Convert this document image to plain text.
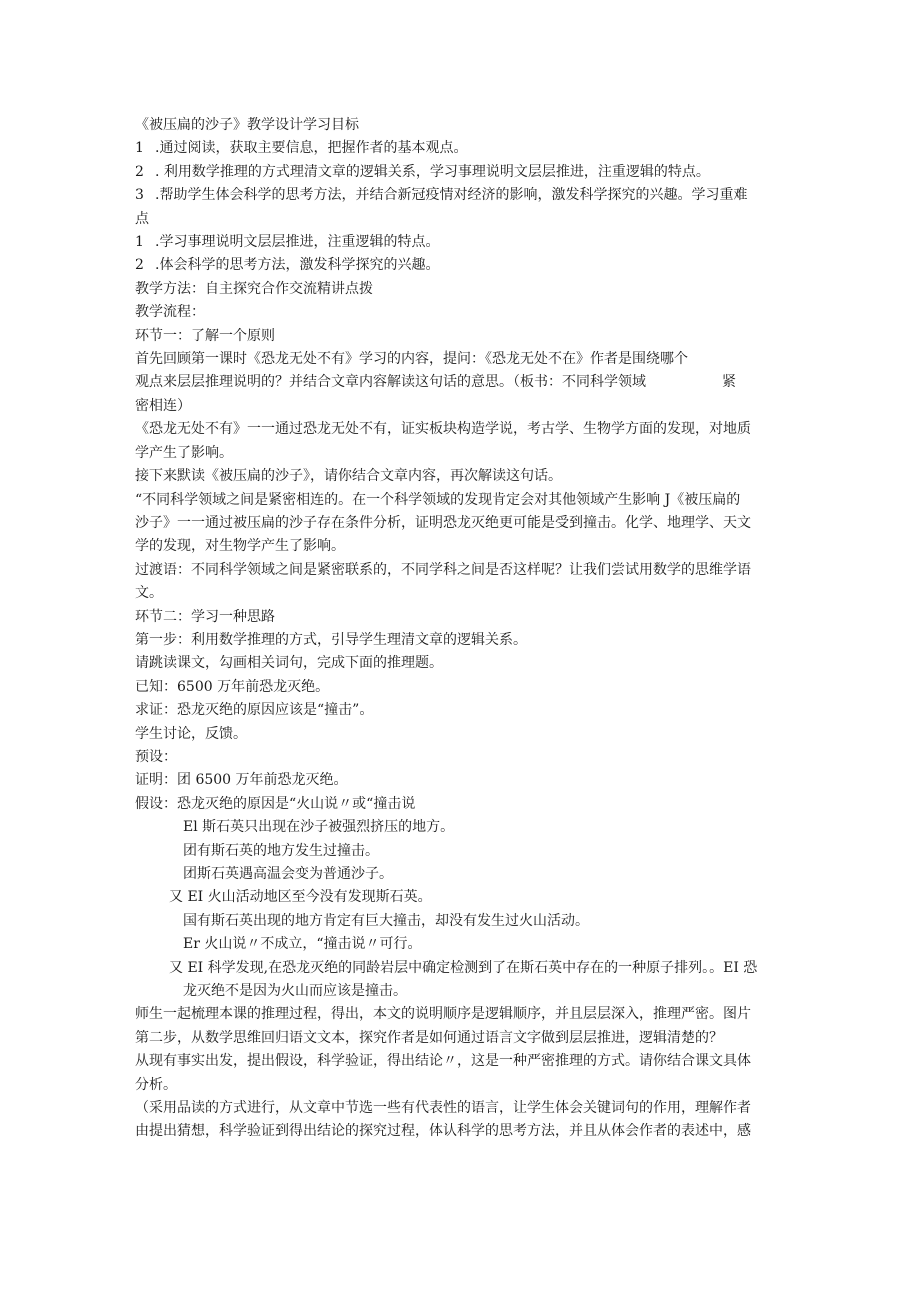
《被压扁的沙子》教学设计学习目标

1 .通过阅读，获取主要信息，把握作者的基本观点。

2 . 利用数学推理的方式理清文章的逻辑关系，学习事理说明文层层推进，注重逻辑的特点。

3 .帮助学生体会科学的思考方法，并结合新冠疫情对经济的影响，激发科学探究的兴趣。学习重难

点

1 .学习事理说明文层层推进，注重逻辑的特点。

2 .体会科学的思考方法，激发科学探究的兴趣。

教学方法：自主探究合作交流精讲点拨

教学流程：

环节一：了解一个原则

首先回顾第一课时《恐龙无处不有》学习的内容，提问：《恐龙无处不在》作者是围绕哪个

观点来层层推理说明的？并结合文章内容解读这句话的意思。（板书：不同科学领域	紧

密相连）

《恐龙无处不有》一一通过恐龙无处不有，证实板块构造学说，考古学、生物学方面的发现，对地质

学产生了影响。

接下来默读《被压扁的沙子》，请你结合文章内容，再次解读这句话。

“不同科学领域之间是紧密相连的。在一个科学领域的发现肯定会对其他领域产生影响 J《被压扁的

沙子》一一通过被压扁的沙子存在条件分析，证明恐龙灭绝更可能是受到撞击。化学、地理学、天文

学的发现，对生物学产生了影响。

过渡语：不同科学领域之间是紧密联系的，不同学科之间是否这样呢？让我们尝试用数学的思维学语

文。

环节二：学习一种思路

第一步：利用数学推理的方式，引导学生理清文章的逻辑关系。

请跳读课文，勾画相关词句，完成下面的推理题。

已知：6500 万年前恐龙灭绝。

求证：恐龙灭绝的原因应该是“撞击”。

学生讨论，反馈。

预设：

证明：团 6500 万年前恐龙灭绝。

假设：恐龙灭绝的原因是“火山说〃或“撞击说

El 斯石英只出现在沙子被强烈挤压的地方。

团有斯石英的地方发生过撞击。

团斯石英遇高温会变为普通沙子。

又 EI 火山活动地区至今没有发现斯石英。

国有斯石英出现的地方肯定有巨大撞击，却没有发生过火山活动。

Er 火山说〃不成立，“撞击说〃可行。

又 EI 科学发现,在恐龙灭绝的同龄岩层中确定检测到了在斯石英中存在的一种原子排列。。EI 恐

龙灭绝不是因为火山而应该是撞击。

师生一起梳理本课的推理过程，得出，本文的说明顺序是逻辑顺序，并且层层深入，推理严密。图片

第二步，从数学思维回归语文文本，探究作者是如何通过语言文字做到层层推进，逻辑清楚的？

从现有事实出发，提出假设，科学验证，得出结论〃，这是一种严密推理的方式。请你结合课文具体

分析。

（采用品读的方式进行，从文章中节选一些有代表性的语言，让学生体会关键词句的作用，理解作者

由提出猜想，科学验证到得出结论的探究过程，体认科学的思考方法，并且从体会作者的表述中，感
